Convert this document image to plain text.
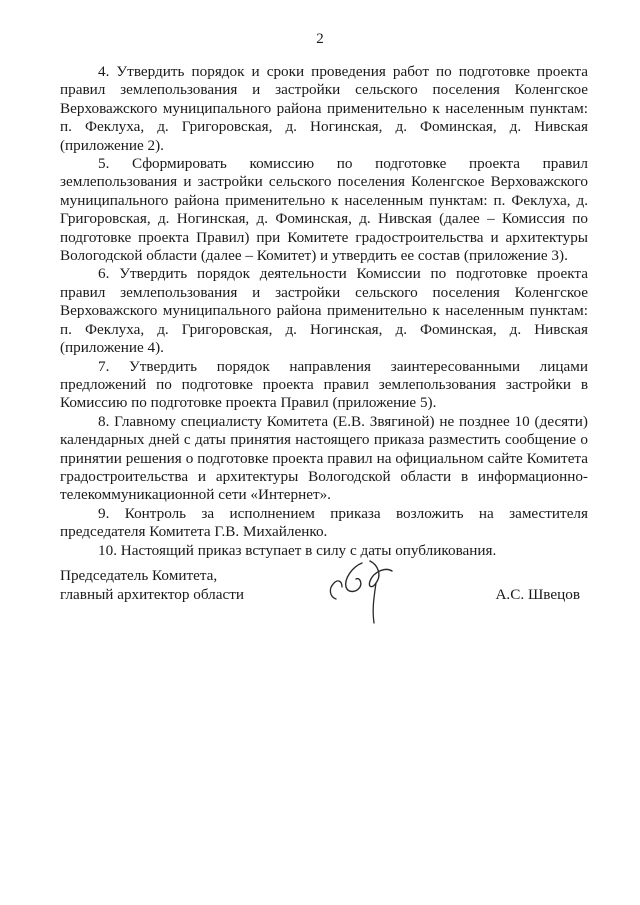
2

4. Утвердить порядок и сроки проведения работ по подготовке проекта правил землепользования и застройки сельского поселения Коленгское Верховажского муниципального района применительно к населенным пунктам: п. Феклуха, д. Григоровская, д. Ногинская, д. Фоминская, д. Нивская (приложение 2).

5. Сформировать комиссию по подготовке проекта правил землепользования и застройки сельского поселения Коленгское Верховажского муниципального района применительно к населенным пунктам: п. Феклуха, д. Григоровская, д. Ногинская, д. Фоминская, д. Нивская (далее – Комиссия по подготовке проекта Правил) при Комитете градостроительства и архитектуры Вологодской области (далее – Комитет) и утвердить ее состав (приложение 3).

6. Утвердить порядок деятельности Комиссии по подготовке проекта правил землепользования и застройки сельского поселения Коленгское Верховажского муниципального района применительно к населенным пунктам: п. Феклуха, д. Григоровская, д. Ногинская, д. Фоминская, д. Нивская (приложение 4).

7. Утвердить порядок направления заинтересованными лицами предложений по подготовке проекта правил землепользования застройки в Комиссию по подготовке проекта Правил (приложение 5).

8. Главному специалисту Комитета (Е.В. Звягиной) не позднее 10 (десяти) календарных дней с даты принятия настоящего приказа разместить сообщение о принятии решения о подготовке проекта правил на официальном сайте Комитета градостроительства и архитектуры Вологодской области в информационно-телекоммуникационной сети «Интернет».

9. Контроль за исполнением приказа возложить на заместителя председателя Комитета Г.В. Михайленко.

10. Настоящий приказ вступает в силу с даты опубликования.

Председатель Комитета,
главный архитектор области	А.С. Швецов
